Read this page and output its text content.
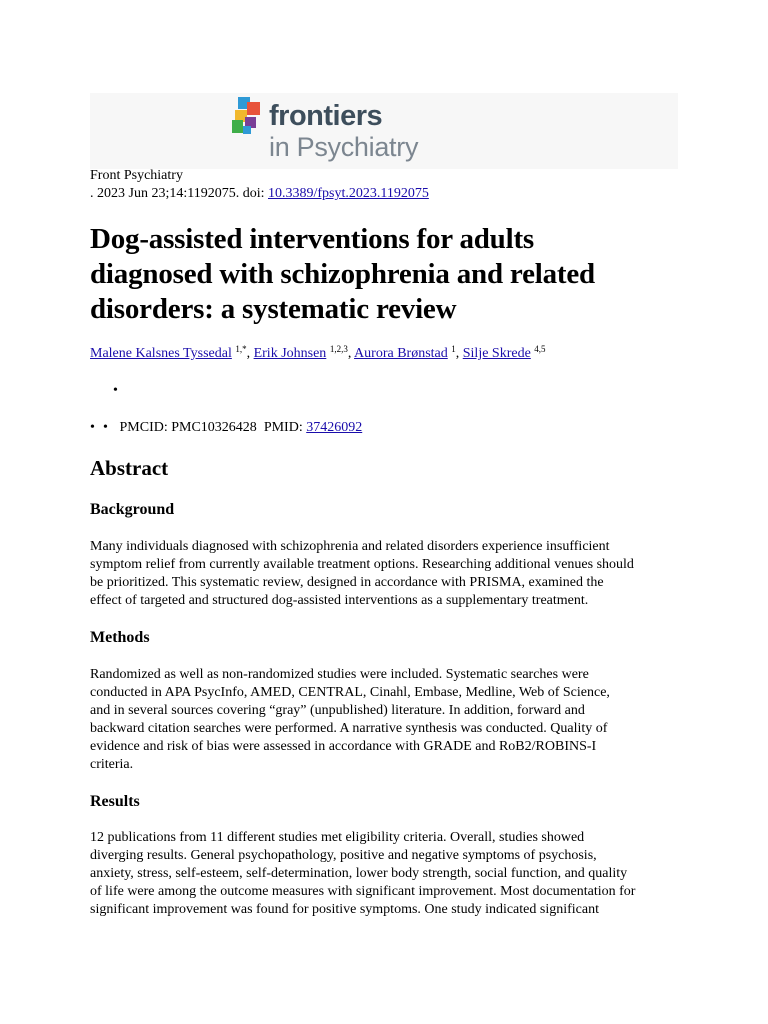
frontiers
in Psychiatry
Front Psychiatry
. 2023 Jun 23;14:1192075. doi: 10.3389/fpsyt.2023.1192075
Dog-assisted interventions for adults
diagnosed with schizophrenia and related
disorders: a systematic review
Malene Kalsnes Tyssedal $^{1,*}$, Erik Johnsen $^{1,2,3}$, Aurora Brønstad $^1$, Silje Skrede $^{4,5}$
•
• • PMCID: PMC10326428 PMID: 37426092
Abstract
Background

Many individuals diagnosed with schizophrenia and related disorders experience insufficient
symptom relief from currently available treatment options. Researching additional venues should
be prioritized. This systematic review, designed in accordance with PRISMA, examined the
effect of targeted and structured dog-assisted interventions as a supplementary treatment.

Methods

Randomized as well as non-randomized studies were included. Systematic searches were
conducted in APA PsycInfo, AMED, CENTRAL, Cinahl, Embase, Medline, Web of Science,
and in several sources covering “gray” (unpublished) literature. In addition, forward and
backward citation searches were performed. A narrative synthesis was conducted. Quality of
evidence and risk of bias were assessed in accordance with GRADE and RoB2/ROBINS-I
criteria.

Results

12 publications from 11 different studies met eligibility criteria. Overall, studies showed
diverging results. General psychopathology, positive and negative symptoms of psychosis,
anxiety, stress, self-esteem, self-determination, lower body strength, social function, and quality
of life were among the outcome measures with significant improvement. Most documentation for
significant improvement was found for positive symptoms. One study indicated significant
